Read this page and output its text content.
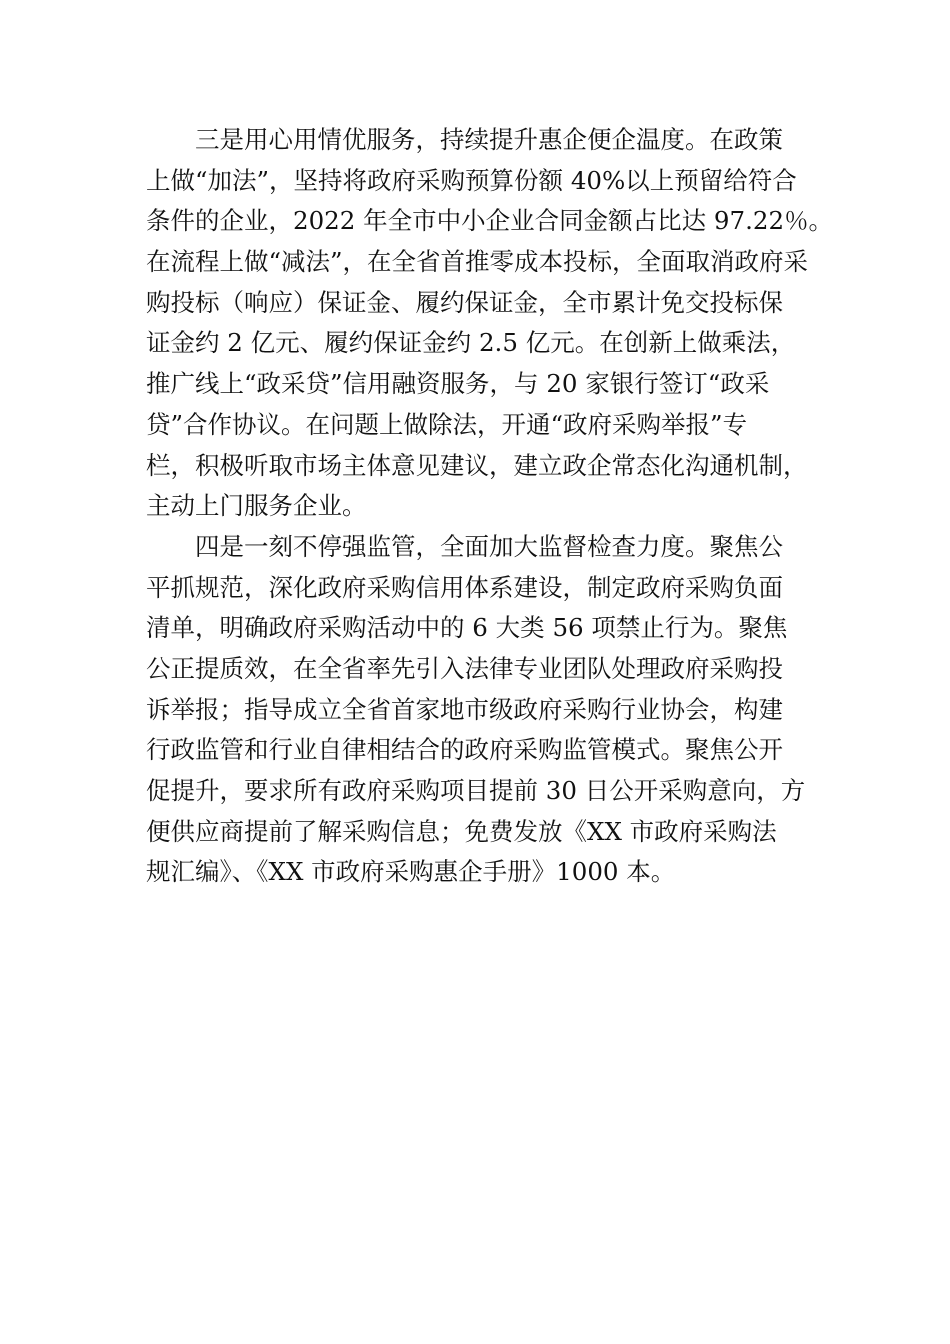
三是用心用情优服务，持续提升惠企便企温度。在政策
上做“加法”，坚持将政府采购预算份额 40%以上预留给符合
条件的企业，2022 年全市中小企业合同金额占比达 97.22％。
在流程上做“减法”，在全省首推零成本投标，全面取消政府采
购投标（响应）保证金、履约保证金，全市累计免交投标保
证金约 2 亿元、履约保证金约 2.5 亿元。在创新上做乘法，
推广线上“政采贷”信用融资服务，与 20 家银行签订“政采
贷”合作协议。在问题上做除法，开通“政府采购举报”专
栏，积极听取市场主体意见建议，建立政企常态化沟通机制，
主动上门服务企业。
四是一刻不停强监管，全面加大监督检查力度。聚焦公
平抓规范，深化政府采购信用体系建设，制定政府采购负面
清单，明确政府采购活动中的 6 大类 56 项禁止行为。聚焦
公正提质效，在全省率先引入法律专业团队处理政府采购投
诉举报；指导成立全省首家地市级政府采购行业协会，构建
行政监管和行业自律相结合的政府采购监管模式。聚焦公开
促提升，要求所有政府采购项目提前 30 日公开采购意向，方
便供应商提前了解采购信息；免费发放《XX 市政府采购法
规汇编》、《XX 市政府采购惠企手册》1000 本。
